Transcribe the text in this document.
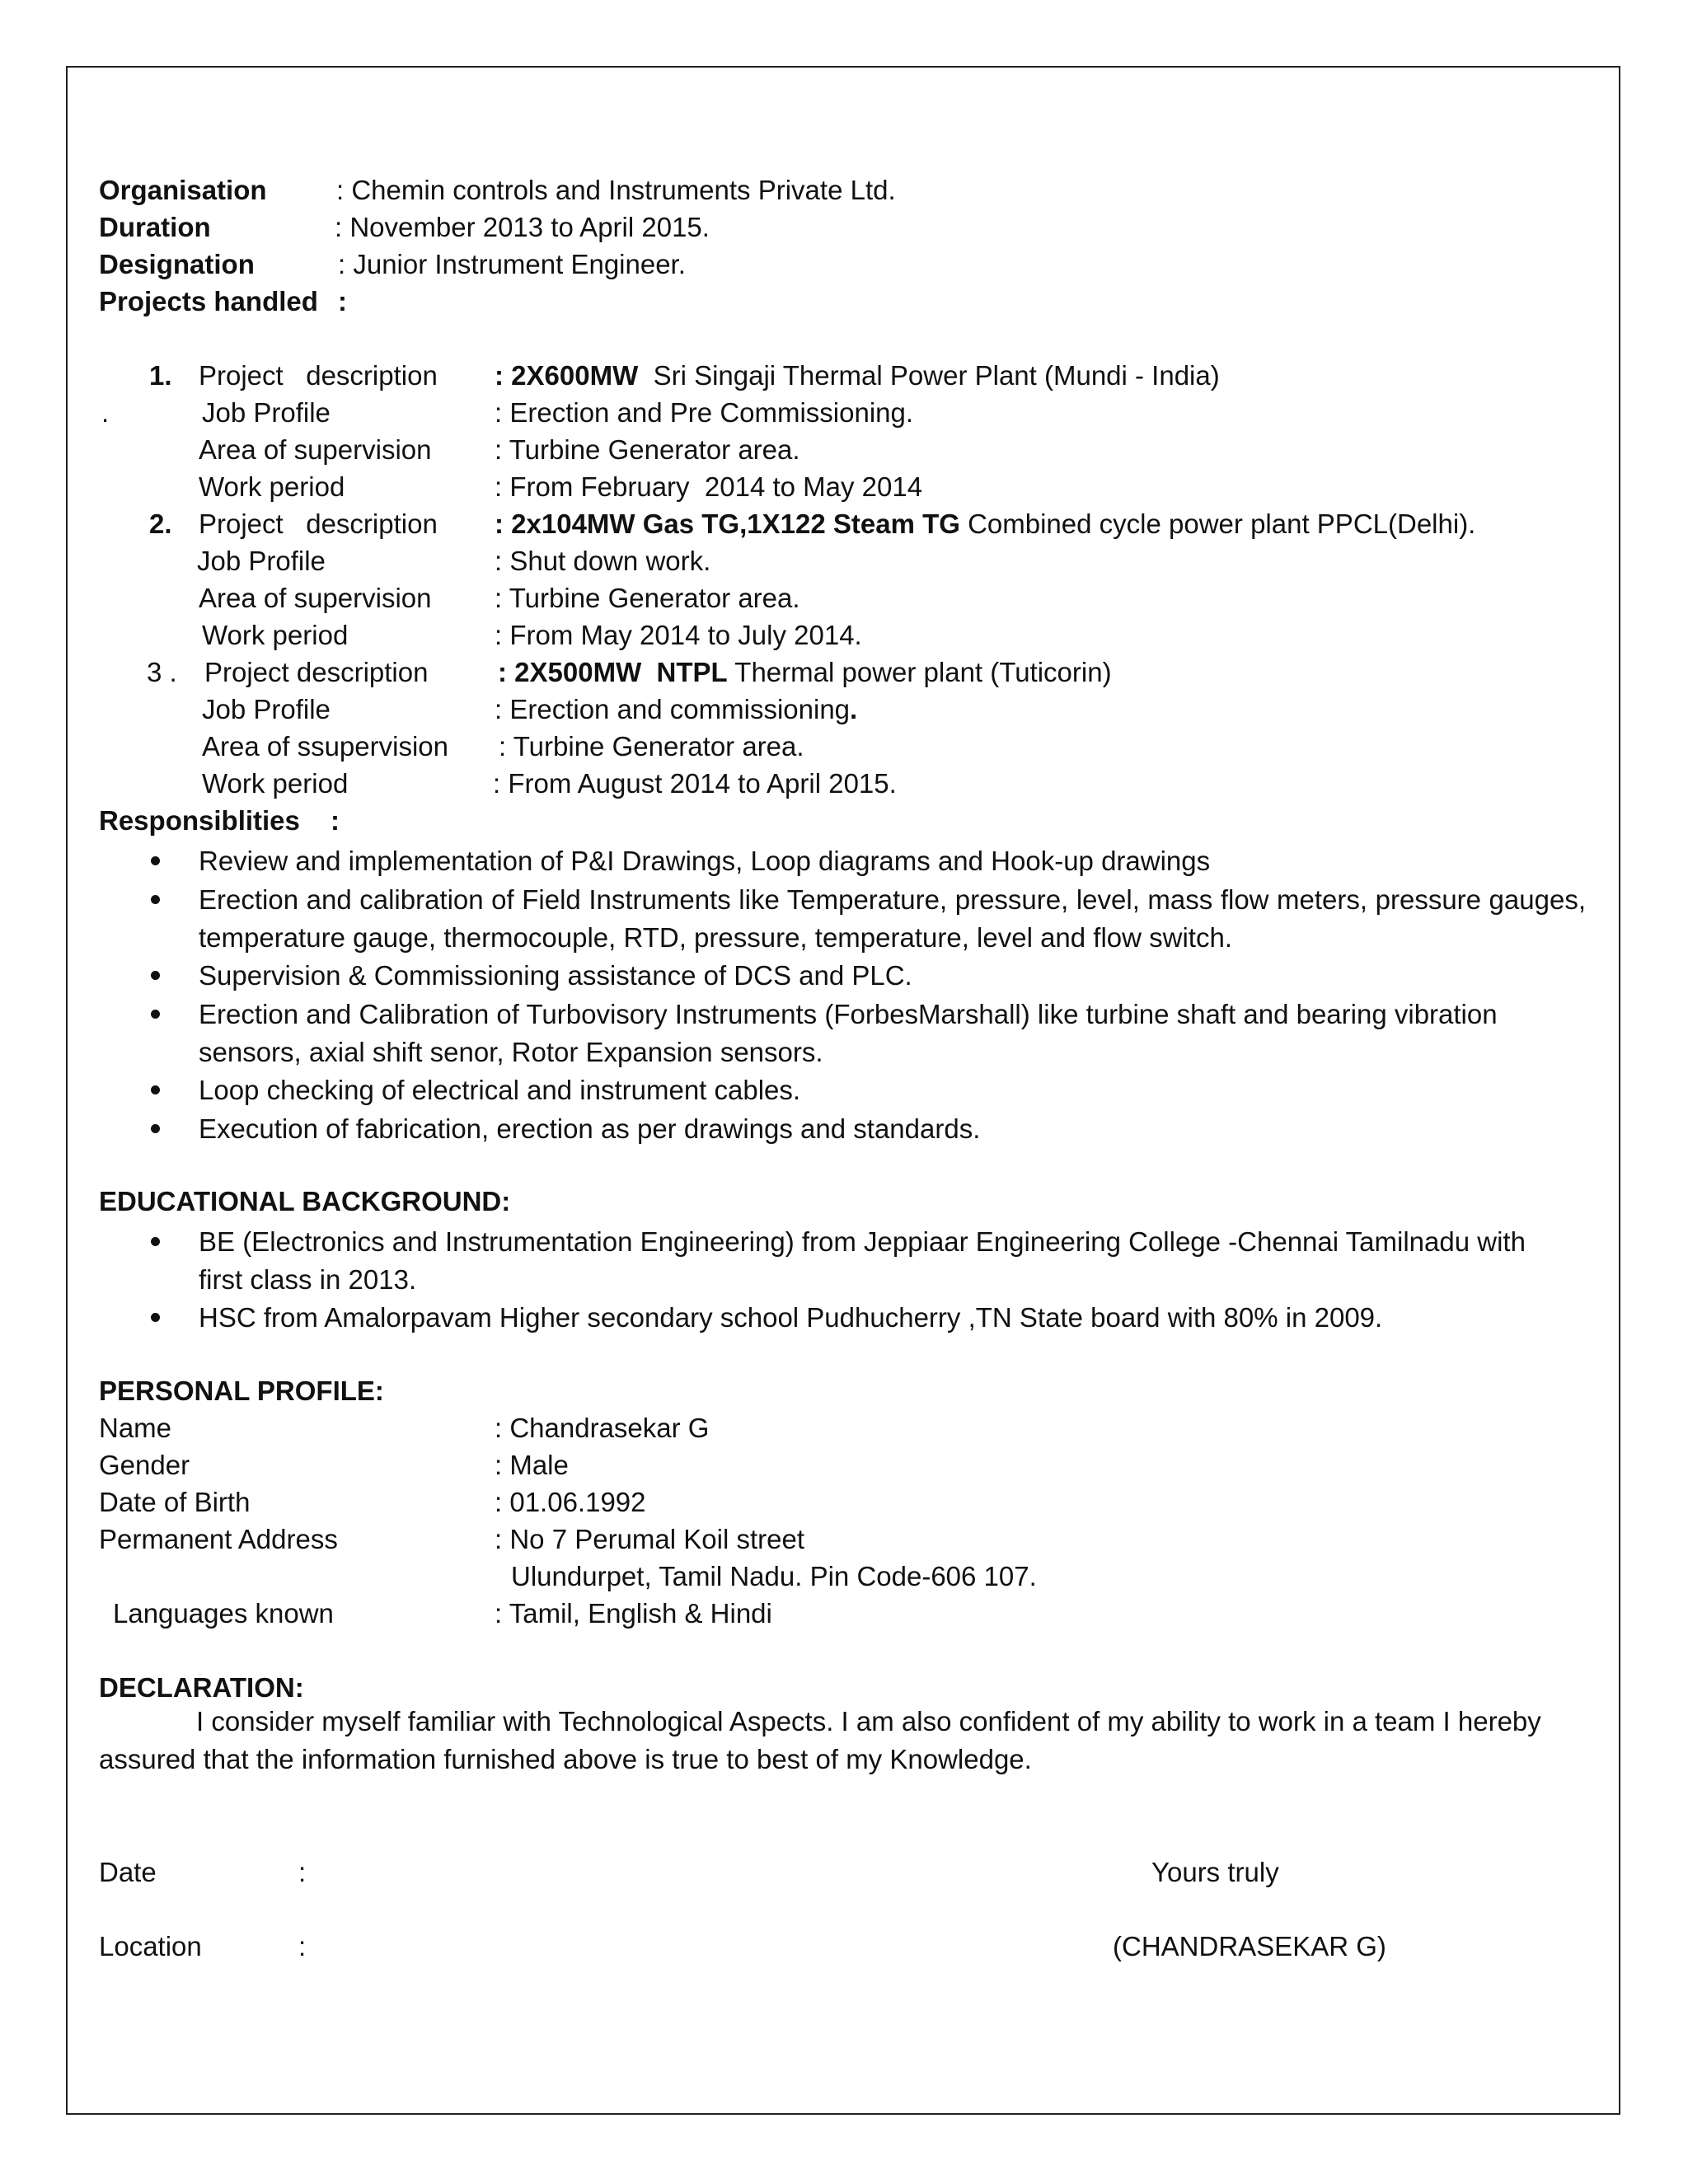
Organisation	: Chemin controls and Instruments Private Ltd.
Duration	: November 2013 to April 2015.
Designation	: Junior Instrument Engineer.
Projects handled :
1. Project   description : 2X600MW Sri Singaji Thermal Power Plant (Mundi - India)
.	Job Profile	: Erection and Pre Commissioning.
Area of supervision : Turbine Generator area.
Work period	: From February  2014 to May 2014
2. Project   description : 2x104MW Gas TG,1X122 Steam TG Combined cycle power plant PPCL(Delhi).
Job Profile	: Shut down work.
Area of supervision : Turbine Generator area.
Work period	: From May 2014 to July 2014.
3 . Project description	: 2X500MW  NTPL Thermal power plant (Tuticorin)
Job Profile	: Erection and commissioning.
Area of ssupervision : Turbine Generator area.
Work period	: From August 2014 to April 2015.
Responsiblities :
Review and implementation of P&I Drawings, Loop diagrams and Hook-up drawings
Erection and calibration of Field Instruments like Temperature, pressure, level, mass flow meters, pressure gauges, temperature gauge, thermocouple, RTD, pressure, temperature, level and flow switch.
Supervision & Commissioning assistance of DCS and PLC.
Erection and Calibration of Turbovisory Instruments (ForbesMarshall) like turbine shaft and bearing vibration sensors, axial shift senor, Rotor Expansion sensors.
Loop checking of electrical and instrument cables.
Execution of fabrication, erection as per drawings and standards.
EDUCATIONAL BACKGROUND:
BE (Electronics and Instrumentation Engineering) from Jeppiaar Engineering College -Chennai Tamilnadu with first class in 2013.
HSC from Amalorpavam Higher secondary school Pudhucherry ,TN State board with 80% in 2009.
PERSONAL PROFILE:
Name	: Chandrasekar G
Gender	: Male
Date of Birth	: 01.06.1992
Permanent Address	: No 7 Perumal Koil street
Ulundurpet, Tamil Nadu. Pin Code-606 107.
Languages known	: Tamil, English & Hindi
DECLARATION:
I consider myself familiar with Technological Aspects. I am also confident of my ability to work in a team I hereby assured that the information furnished above is true to best of my Knowledge.
Date	:	Yours truly
Location	:	(CHANDRASEKAR G)
